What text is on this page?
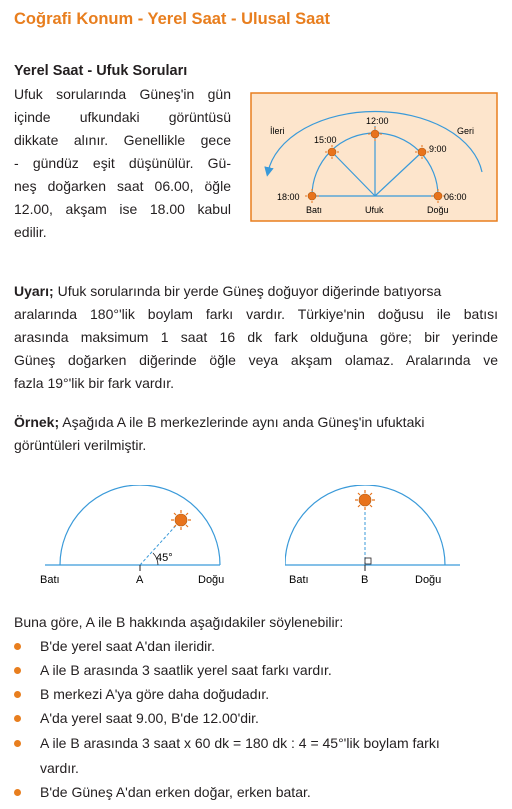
Coğrafi Konum - Yerel Saat - Ulusal Saat
Yerel Saat - Ufuk Soruları
Ufuk sorularında Güneş'in gün
içinde ufkundaki görüntüsü
dikkate alınır. Genellikle gece
- gündüz eşit düşünülür. Gü-
neş doğarken saat 06.00, öğle
12.00, akşam ise 18.00 kabul
edilir.
18:00
15:00
12:00
9:00
06:00
İleri	Geri
Batı	Ufuk	Doğu
Uyarı; Ufuk sorularında bir yerde Güneş doğuyor diğerinde batıyorsa
aralarında 180°'lik boylam farkı vardır. Türkiye'nin doğusu ile batısı
arasında maksimum 1 saat 16 dk fark olduğuna göre; bir yerinde
Güneş doğarken diğerinde öğle veya akşam olamaz. Aralarında ve
fazla 19°'lik bir fark vardır.
Örnek; Aşağıda A ile B merkezlerinde aynı anda Güneş'in ufuktaki
görüntüleri verilmiştir.
45°
Batı	A	Doğu	Batı	B	Doğu
Buna göre, A ile B hakkında aşağıdakiler söylenebilir:
B'de yerel saat A'dan ileridir.
A ile B arasında 3 saatlik yerel saat farkı vardır.
B merkezi A'ya göre daha doğudadır.
A'da yerel saat 9.00, B'de 12.00'dir.
A ile B arasında 3 saat x 60 dk = 180 dk : 4 = 45°'lik boylam farkı
vardır.
B'de Güneş A'dan erken doğar, erken batar.
